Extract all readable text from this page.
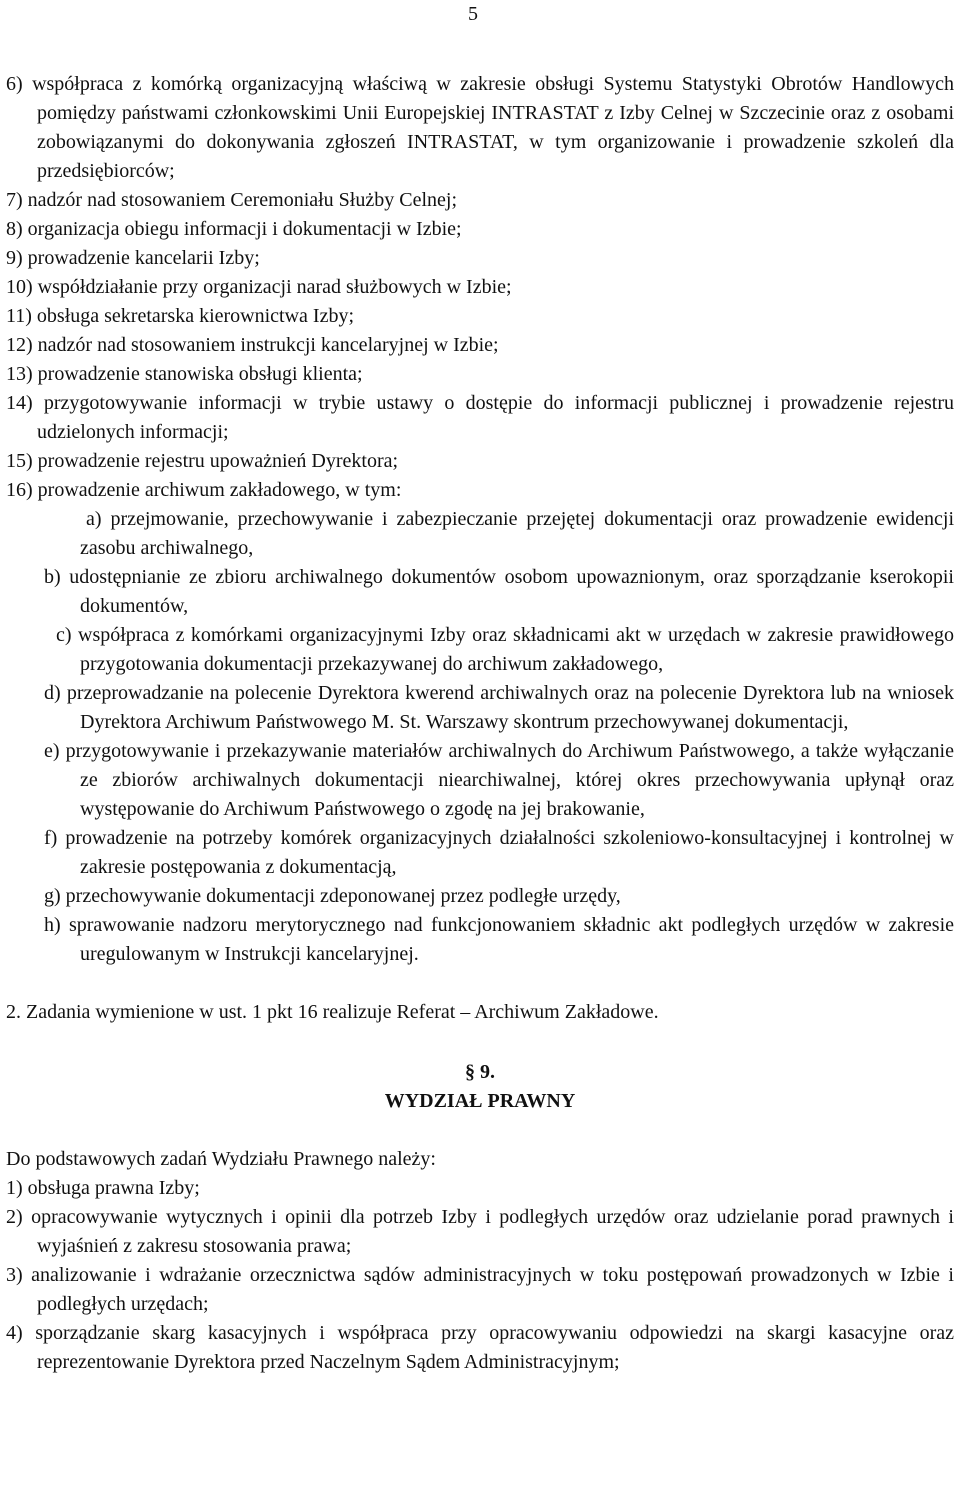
5

6) współpraca z komórką organizacyjną właściwą w zakresie obsługi Systemu Statystyki Obrotów Handlowych pomiędzy państwami członkowskimi Unii Europejskiej INTRASTAT z Izby Celnej w Szczecinie oraz z osobami zobowiązanymi do dokonywania zgłoszeń INTRASTAT, w tym organizowanie i prowadzenie szkoleń dla przedsiębiorców;

7) nadzór nad stosowaniem Ceremoniału Służby Celnej;

8) organizacja obiegu informacji i dokumentacji w Izbie;

9) prowadzenie kancelarii Izby;

10) współdziałanie przy organizacji narad służbowych w Izbie;

11) obsługa sekretarska kierownictwa Izby;

12) nadzór nad stosowaniem instrukcji kancelaryjnej w Izbie;

13) prowadzenie stanowiska obsługi klienta;

14) przygotowywanie informacji w trybie ustawy o dostępie do informacji publicznej i prowadzenie rejestru udzielonych informacji;

15) prowadzenie rejestru upoważnień Dyrektora;

16) prowadzenie archiwum zakładowego, w tym:

a) przejmowanie, przechowywanie i zabezpieczanie przejętej dokumentacji oraz prowadzenie ewidencji zasobu archiwalnego,

b) udostępnianie ze zbioru archiwalnego dokumentów osobom upowaznionym, oraz sporządzanie kserokopii dokumentów,

c) współpraca z komórkami organizacyjnymi Izby oraz składnicami akt w urzędach w zakresie prawidłowego przygotowania dokumentacji przekazywanej do archiwum zakładowego,

d) przeprowadzanie na polecenie Dyrektora kwerend archiwalnych oraz na polecenie Dyrektora lub na wniosek Dyrektora Archiwum Państwowego M. St. Warszawy skontrum przechowywanej dokumentacji,

e) przygotowywanie i przekazywanie materiałów archiwalnych do Archiwum Państwowego, a także wyłączanie ze zbiorów archiwalnych dokumentacji niearchiwalnej, której okres przechowywania upłynął oraz występowanie do Archiwum Państwowego o zgodę na jej brakowanie,

f) prowadzenie na potrzeby komórek organizacyjnych działalności szkoleniowo-konsultacyjnej i kontrolnej w zakresie postępowania z dokumentacją,

g) przechowywanie dokumentacji zdeponowanej przez podległe urzędy,

h) sprawowanie nadzoru merytorycznego nad funkcjonowaniem składnic akt podległych urzędów w zakresie uregulowanym w Instrukcji kancelaryjnej.

2. Zadania wymienione w ust. 1 pkt 16 realizuje Referat – Archiwum Zakładowe.

§ 9.

WYDZIAŁ PRAWNY

Do podstawowych zadań Wydziału Prawnego należy:

1) obsługa prawna Izby;

2) opracowywanie wytycznych i opinii dla potrzeb Izby i podległych urzędów oraz udzielanie porad prawnych i wyjaśnień z zakresu stosowania prawa;

3) analizowanie i wdrażanie orzecznictwa sądów administracyjnych w toku postępowań prowadzonych w Izbie i podległych urzędach;

4) sporządzanie skarg kasacyjnych i współpraca przy opracowywaniu odpowiedzi na skargi kasacyjne oraz reprezentowanie Dyrektora przed Naczelnym Sądem Administracyjnym;
